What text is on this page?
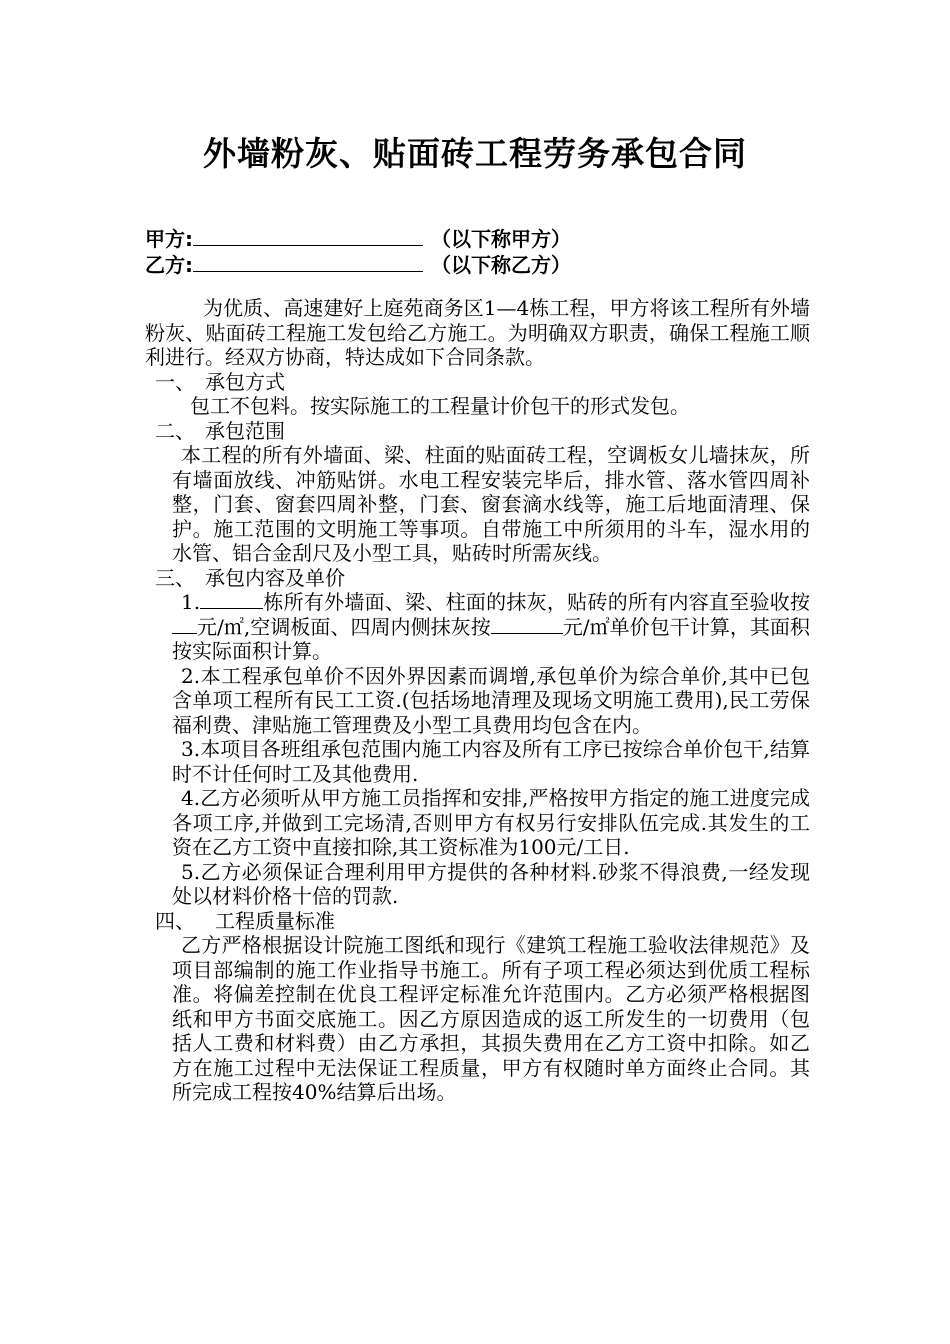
外墙粉灰、贴面砖工程劳务承包合同
甲方:	（以下称甲方）
乙方:	（以下称乙方）

为优质、高速建好上庭苑商务区1—4栋工程，甲方将该工程所有外墙粉灰、贴面砖工程施工发包给乙方施工。为明确双方职责，确保工程施工顺利进行。经双方协商，特达成如下合同条款。

一、 承包方式

包工不包料。按实际施工的工程量计价包干的形式发包。

二、 承包范围

本工程的所有外墙面、梁、柱面的贴面砖工程，空调板女儿墙抹灰，所有墙面放线、冲筋贴饼。水电工程安装完毕后，排水管、落水管四周补整，门套、窗套四周补整，门套、窗套滴水线等，施工后地面清理、保护。施工范围的文明施工等事项。自带施工中所须用的斗车，湿水用的水管、铝合金刮尺及小型工具，贴砖时所需灰线。

三、 承包内容及单价

1.	栋所有外墙面、梁、柱面的抹灰，贴砖的所有内容直至验收按元/㎡,空调板面、四周内侧抹灰按	元/㎡单价包干计算，其面积按实际面积计算。

2.本工程承包单价不因外界因素而调增,承包单价为综合单价,其中已包含单项工程所有民工工资.(包括场地清理及现场文明施工费用),民工劳保福利费、津贴施工管理费及小型工具费用均包含在内。

3.本项目各班组承包范围内施工内容及所有工序已按综合单价包干,结算时不计任何时工及其他费用.

4.乙方必须听从甲方施工员指挥和安排,严格按甲方指定的施工进度完成各项工序,并做到工完场清,否则甲方有权另行安排队伍完成.其发生的工资在乙方工资中直接扣除,其工资标准为100元/工日.

5.乙方必须保证合理利用甲方提供的各种材料.砂浆不得浪费,一经发现处以材料价格十倍的罚款.

四、 工程质量标准

乙方严格根据设计院施工图纸和现行《建筑工程施工验收法律规范》及项目部编制的施工作业指导书施工。所有子项工程必须达到优质工程标准。将偏差控制在优良工程评定标准允许范围内。乙方必须严格根据图纸和甲方书面交底施工。因乙方原因造成的返工所发生的一切费用（包括人工费和材料费）由乙方承担，其损失费用在乙方工资中扣除。如乙方在施工过程中无法保证工程质量，甲方有权随时单方面终止合同。其所完成工程按40%结算后出场。
